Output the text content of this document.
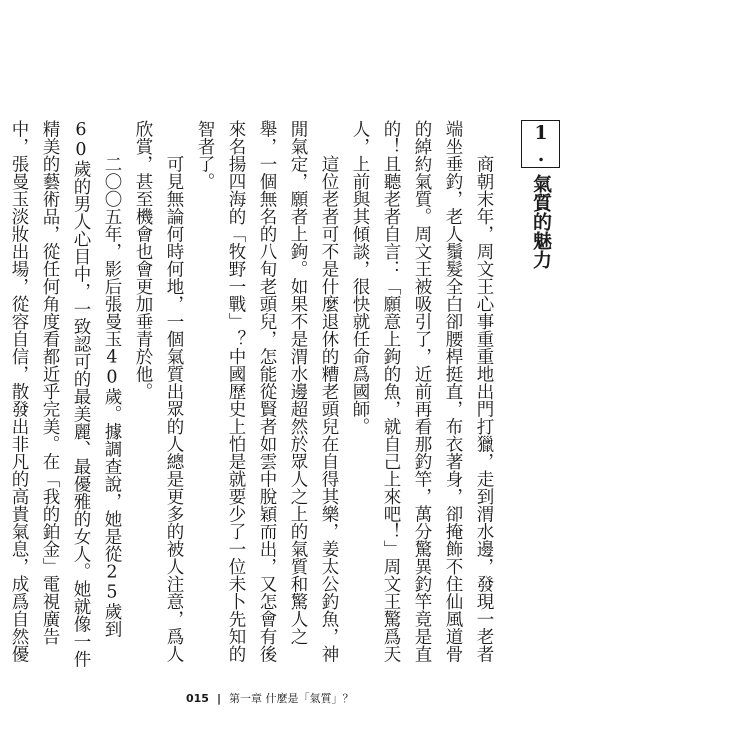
1.
氣質的魅力

商朝末年，周文王心事重重地出門打獵，走到渭水邊，發現一老者端坐垂釣，老人鬚髮全白卻腰桿挺直，布衣著身，卻掩飾不住仙風道骨的綽約氣質。周文王被吸引了，近前再看那釣竿，萬分驚異釣竿竟是直的！且聽老者自言：「願意上鉤的魚，就自己上來吧！」周文王驚爲天人，上前與其傾談，很快就任命爲國師。

這位老者可不是什麼退休的糟老頭兒在自得其樂，姜太公釣魚，神閒氣定，願者上鉤。如果不是渭水邊超然於眾人之上的氣質和驚人之舉，一個無名的八旬老頭兒，怎能從賢者如雲中脫穎而出，又怎會有後來名揚四海的「牧野一戰」？中國歷史上怕是就要少了一位未卜先知的智者了。

可見無論何時何地，一個氣質出眾的人總是更多的被人注意，爲人欣賞，甚至機會也會更加垂青於他。

二〇〇五年，影后張曼玉40歲。據調查說，她是從25歲到60歲的男人心目中，一致認可的最美麗、最優雅的女人。她就像一件精美的藝術品，從任何角度看都近乎完美。在「我的鉑金」電視廣告中，張曼玉淡妝出場，從容自信，散發出非凡的高貴氣息，成爲自然優

015 | 第一章 什麼是「氣質」？
